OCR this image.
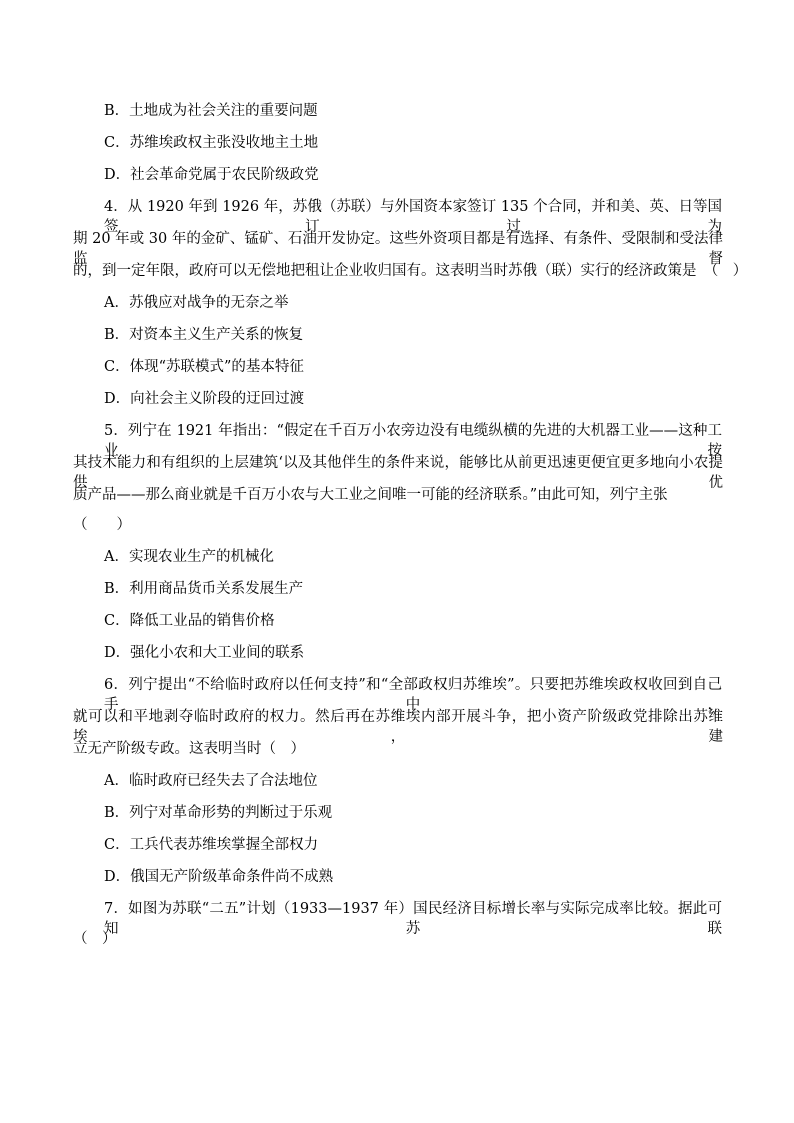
B．土地成为社会关注的重要问题
C．苏维埃政权主张没收地主土地
D．社会革命党属于农民阶级政党
4．从 1920 年到 1926 年，苏俄（苏联）与外国资本家签订 135 个合同，并和美、英、日等国签订过为
期 20 年或 30 年的金矿、锰矿、石油开发协定。这些外资项目都是有选择、有条件、受限制和受法律监督
的，到一定年限，政府可以无偿地把租让企业收归国有。这表明当时苏俄（联）实行的经济政策是　（　）
A．苏俄应对战争的无奈之举
B．对资本主义生产关系的恢复
C．体现“苏联模式”的基本特征
D．向社会主义阶段的迂回过渡
5．列宁在 1921 年指出：“假定在千百万小农旁边没有电缆纵横的先进的大机器工业——这种工业按
其技术能力和有组织的上层建筑‘以及其他伴生的条件来说，能够比从前更迅速更便宜更多地向小农提供优
质产品——那么商业就是千百万小农与大工业之间唯一可能的经济联系。”由此可知，列宁主张
（　　）
A．实现农业生产的机械化
B．利用商品货币关系发展生产
C．降低工业品的销售价格
D．强化小农和大工业间的联系
6．列宁提出“不给临时政府以任何支持”和“全部政权归苏维埃”。只要把苏维埃政权收回到自己手中，
就可以和平地剥夺临时政府的权力。然后再在苏维埃内部开展斗争，把小资产阶级政党排除出苏维埃，建
立无产阶级专政。这表明当时（　）
A．临时政府已经失去了合法地位
B．列宁对革命形势的判断过于乐观
C．工兵代表苏维埃掌握全部权力
D．俄国无产阶级革命条件尚不成熟
7．如图为苏联“二五”计划（1933—1937 年）国民经济目标增长率与实际完成率比较。据此可知苏联
（　）
